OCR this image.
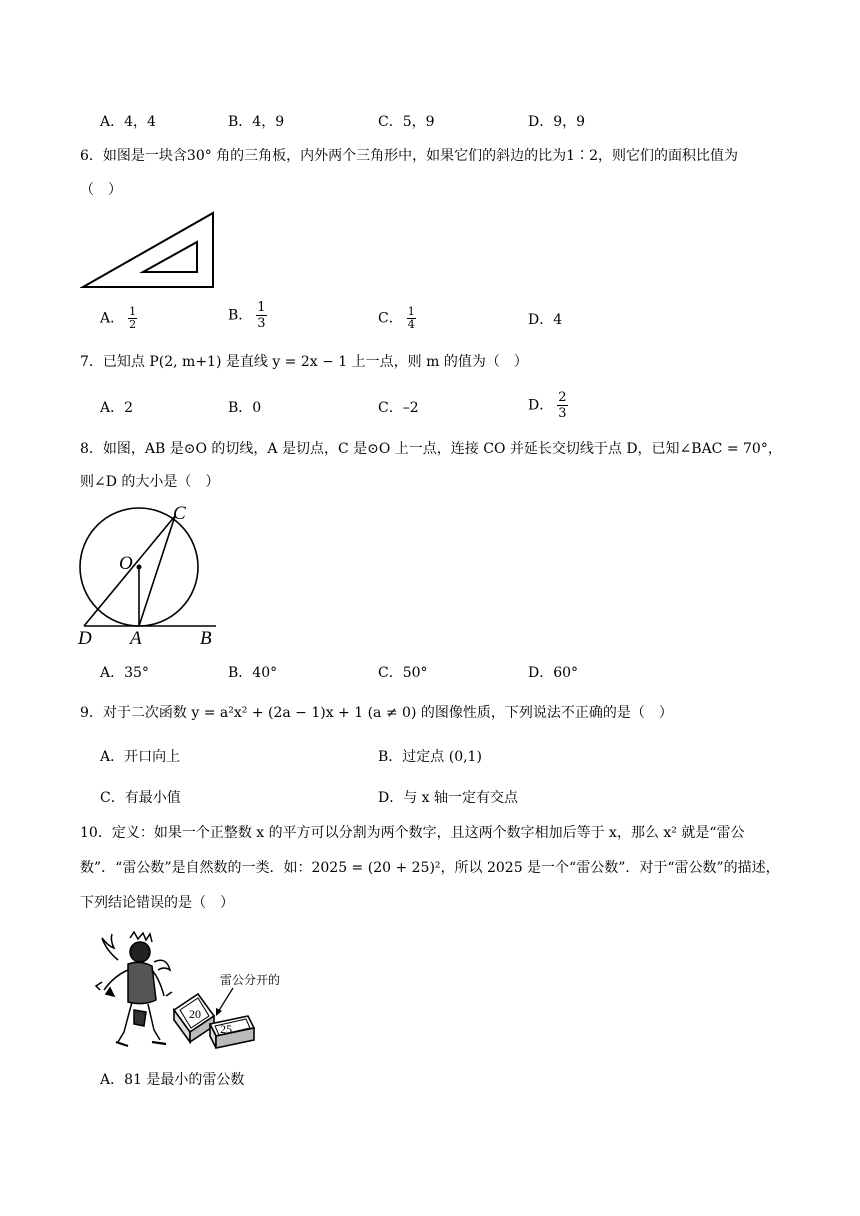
A．4，4	B．4，9	C．5，9	D．9，9
6．如图是一块含30° 角的三角板，内外两个三角形中，如果它们的斜边的比为1∶2，则它们的面积比值为
（　）
A． $\frac{1}{2}$	B． $\frac{1}{3}$	C． $\frac{1}{4}$	D．4
7．已知点 P(2, m+1) 是直线 y = 2x − 1 上一点，则 m 的值为（　）
A．2	B．0	C．–2	D． $\frac{2}{3}$
8．如图，AB 是⊙O 的切线，A 是切点，C 是⊙O 上一点，连接 CO 并延长交切线于点 D，已知∠BAC = 70°，
则∠D 的大小是（　）
C
O
D A	B
A．35°	B．40°	C．50°	D．60°
9．对于二次函数 y = a²x² + (2a − 1)x + 1 (a ≠ 0) 的图像性质，下列说法不正确的是（　）
A．开口向上	B．过定点 (0,1)
C．有最小值	D．与 x 轴一定有交点
10．定义：如果一个正整数 x 的平方可以分割为两个数字，且这两个数字相加后等于 x，那么 x² 就是“雷公
数”．“雷公数”是自然数的一类．如：2025 = (20 + 25)²，所以 2025 是一个“雷公数”．对于“雷公数”的描述，
下列结论错误的是（　）
20
25
雷公分开的
A．81 是最小的雷公数
